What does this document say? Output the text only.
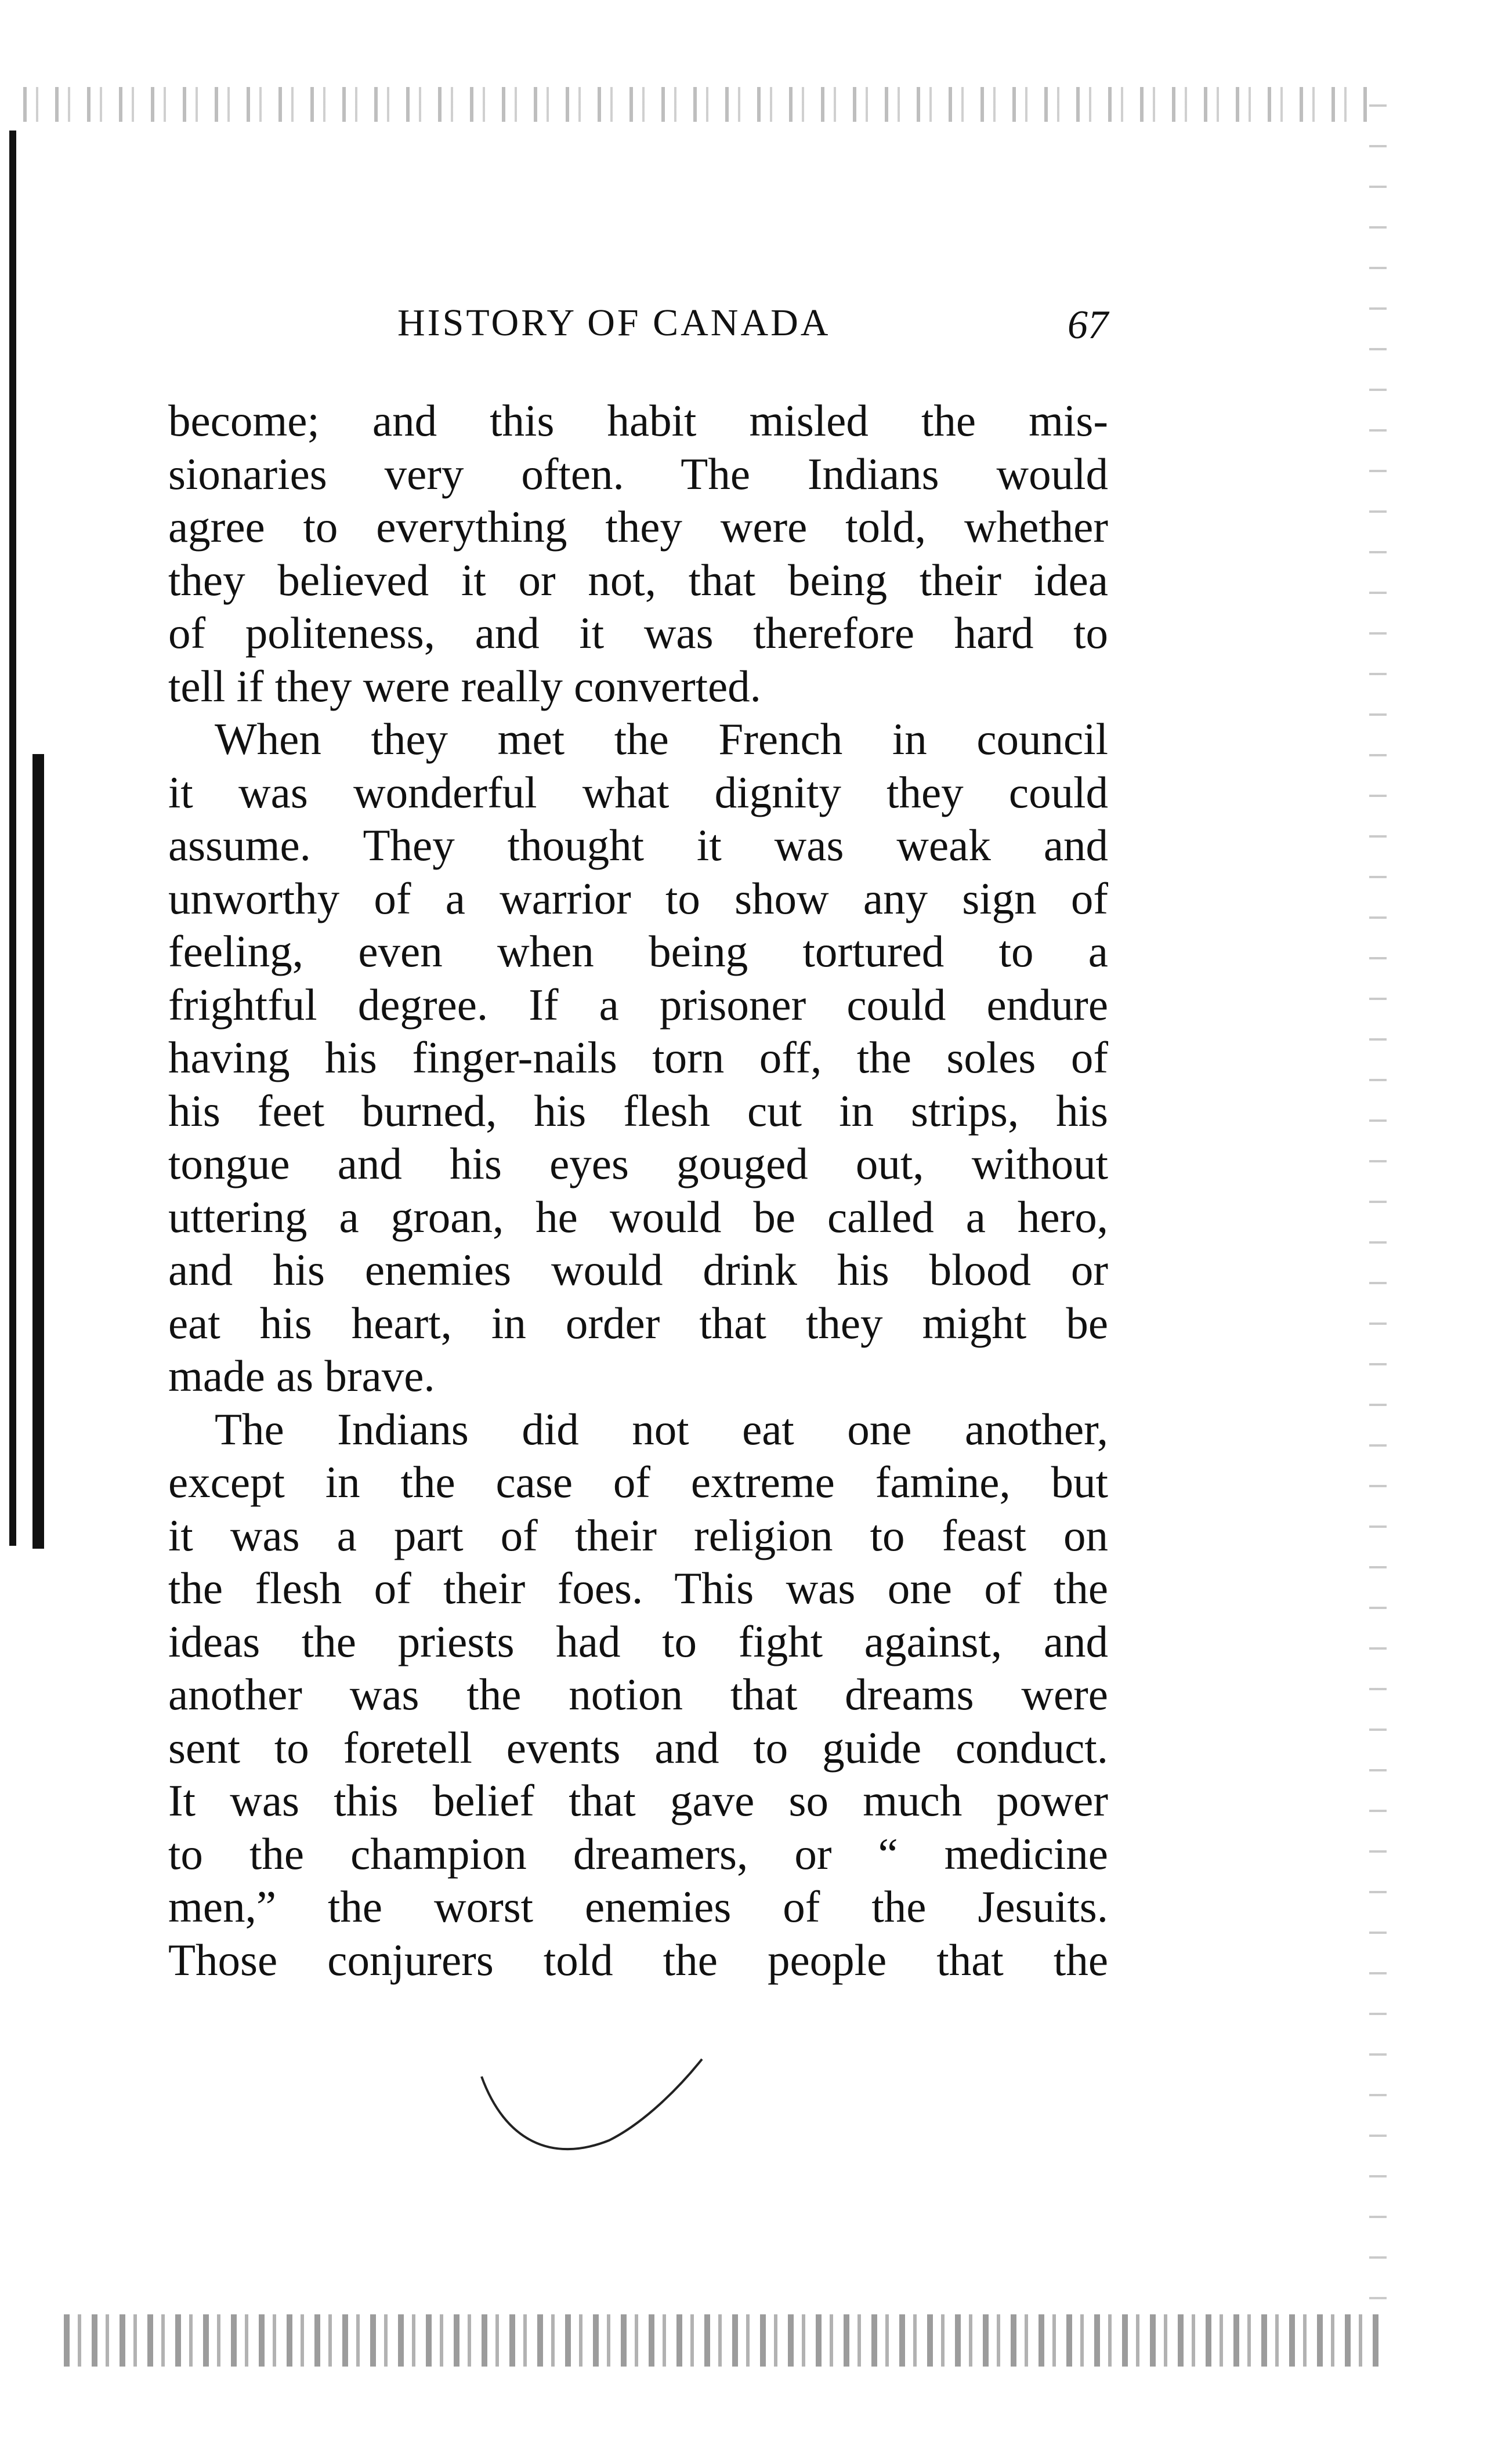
HISTORY OF CANADA	67
become; and this habit misled the mis-
sionaries very often. The Indians would
agree to everything they were told, whether
they believed it or not, that being their idea
of politeness, and it was therefore hard to
tell if they were really converted.
When they met the French in council
it was wonderful what dignity they could
assume. They thought it was weak and
unworthy of a warrior to show any sign of
feeling, even when being tortured to a
frightful degree. If a prisoner could endure
having his finger-nails torn off, the soles of
his feet burned, his flesh cut in strips, his
tongue and his eyes gouged out, without
uttering a groan, he would be called a hero,
and his enemies would drink his blood or
eat his heart, in order that they might be
made as brave.
The Indians did not eat one another,
except in the case of extreme famine, but
it was a part of their religion to feast on
the flesh of their foes. This was one of the
ideas the priests had to fight against, and
another was the notion that dreams were
sent to foretell events and to guide conduct.
It was this belief that gave so much power
to the champion dreamers, or “ medicine
men,” the worst enemies of the Jesuits.
Those conjurers told the people that the
